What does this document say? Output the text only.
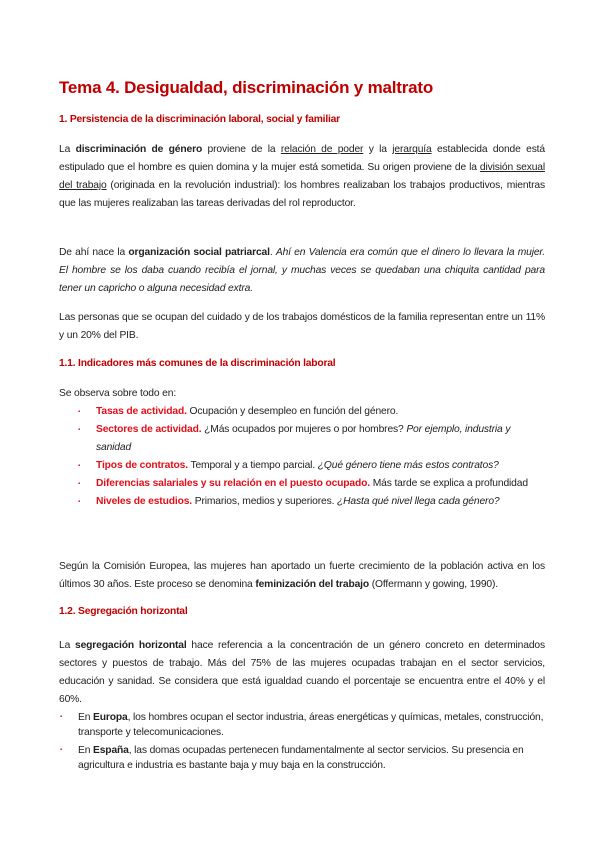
Tema 4. Desigualdad, discriminación y maltrato
1. Persistencia de la discriminación laboral, social y familiar
1.1. Indicadores más comunes de la discriminación laboral
1.2. Segregación horizontal
La discriminación de género proviene de la relación de poder y la jerarquía establecida donde está estipulado que el hombre es quien domina y la mujer está sometida. Su origen proviene de la división sexual del trabajo (originada en la revolución industrial): los hombres realizaban los trabajos productivos, mientras que las mujeres realizaban las tareas derivadas del rol reproductor.
De ahí nace la organización social patriarcal. Ahí en Valencia era común que el dinero lo llevara la mujer. El hombre se los daba cuando recibía el jornal, y muchas veces se quedaban una chiquita cantidad para tener un capricho o alguna necesidad extra.
Las personas que se ocupan del cuidado y de los trabajos domésticos de la familia representan entre un 11% y un 20% del PIB.
Se observa sobre todo en:
Según la Comisión Europea, las mujeres han aportado un fuerte crecimiento de la población activa en los últimos 30 años. Este proceso se denomina feminización del trabajo (Offermann y gowing, 1990).
La segregación horizontal hace referencia a la concentración de un género concreto en determinados sectores y puestos de trabajo. Más del 75% de las mujeres ocupadas trabajan en el sector servicios, educación y sanidad. Se considera que está igualdad cuando el porcentaje se encuentra entre el 40% y el 60%.
▪ Tasas de actividad. Ocupación y desempleo en función del género.
▪ Sectores de actividad. ¿Más ocupados por mujeres o por hombres? Por ejemplo, industria y sanidad
▪ Tipos de contratos. Temporal y a tiempo parcial. ¿Qué género tiene más estos contratos?
▪ Diferencias salariales y su relación en el puesto ocupado. Más tarde se explica a profundidad
▪ Niveles de estudios. Primarios, medios y superiores. ¿Hasta qué nivel llega cada género?
▪ En Europa, los hombres ocupan el sector industria, áreas energéticas y químicas, metales, construcción, transporte y telecomunicaciones.
▪ En España, las domas ocupadas pertenecen fundamentalmente al sector servicios. Su presencia en agricultura e industria es bastante baja y muy baja en la construcción.
